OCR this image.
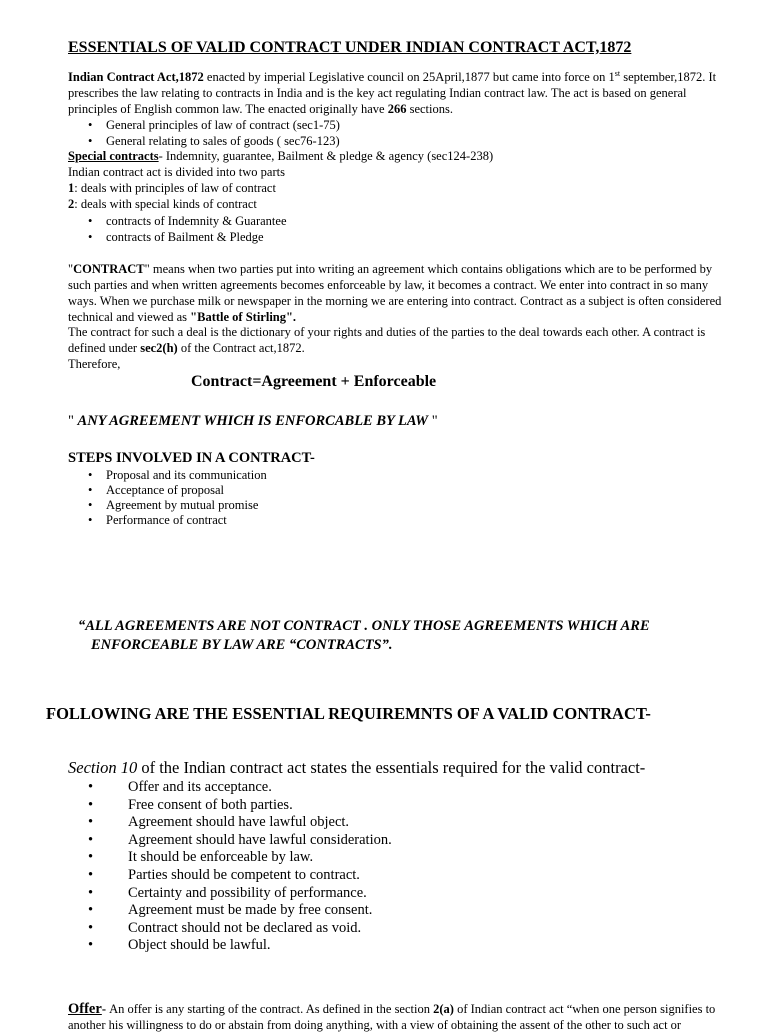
ESSENTIALS OF VALID CONTRACT UNDER INDIAN CONTRACT ACT,1872
Indian Contract Act,1872 enacted by imperial Legislative council on 25April,1877 but came into force on 1st september,1872. It prescribes the law relating to contracts in India and is the key act regulating Indian contract law. The act is based on general principles of English common law. The enacted originally have 266 sections.
• General principles of law of contract (sec1-75)
• General relating to sales of goods ( sec76-123)
Special contracts- Indemnity, guarantee, Bailment & pledge & agency (sec124-238)
Indian contract act is divided into two parts
1: deals with principles of law of contract
2: deals with special kinds of contract
• contracts of Indemnity & Guarantee
• contracts of Bailment & Pledge
"CONTRACT" means when two parties put into writing an agreement which contains obligations which are to be performed by such parties and when written agreements becomes enforceable by law, it becomes a contract. We enter into contract in so many ways. When we purchase milk or newspaper in the morning we are entering into contract. Contract as a subject is often considered technical and viewed as "Battle of Stirling".
The contract for such a deal is the dictionary of your rights and duties of the parties to the deal towards each other. A contract is defined under sec2(h) of the Contract act,1872.
Therefore,
Contract=Agreement + Enforceable
" ANY AGREEMENT WHICH IS ENFORCABLE BY LAW "
STEPS INVOLVED IN A CONTRACT-
• Proposal and its communication
• Acceptance of proposal
• Agreement by mutual promise
• Performance of contract
“ALL AGREEMENTS ARE NOT CONTRACT . ONLY THOSE AGREEMENTS WHICH ARE
ENFORCEABLE BY LAW ARE “CONTRACTS”.
FOLLOWING ARE THE ESSENTIAL REQUIREMNTS OF A VALID CONTRACT-
Section 10 of the Indian contract act states the essentials required for the valid contract-
• Offer and its acceptance.
• Free consent of both parties.
• Agreement should have lawful object.
• Agreement should have lawful consideration.
• It should be enforceable by law.
• Parties should be competent to contract.
• Certainty and possibility of performance.
• Agreement must be made by free consent.
• Contract should not be declared as void.
• Object should be lawful.
Offer- An offer is any starting of the contract. As defined in the section 2(a) of Indian contract act “when one person signifies to another his willingness to do or abstain from doing anything, with a view of obtaining the assent of the other to such act or
